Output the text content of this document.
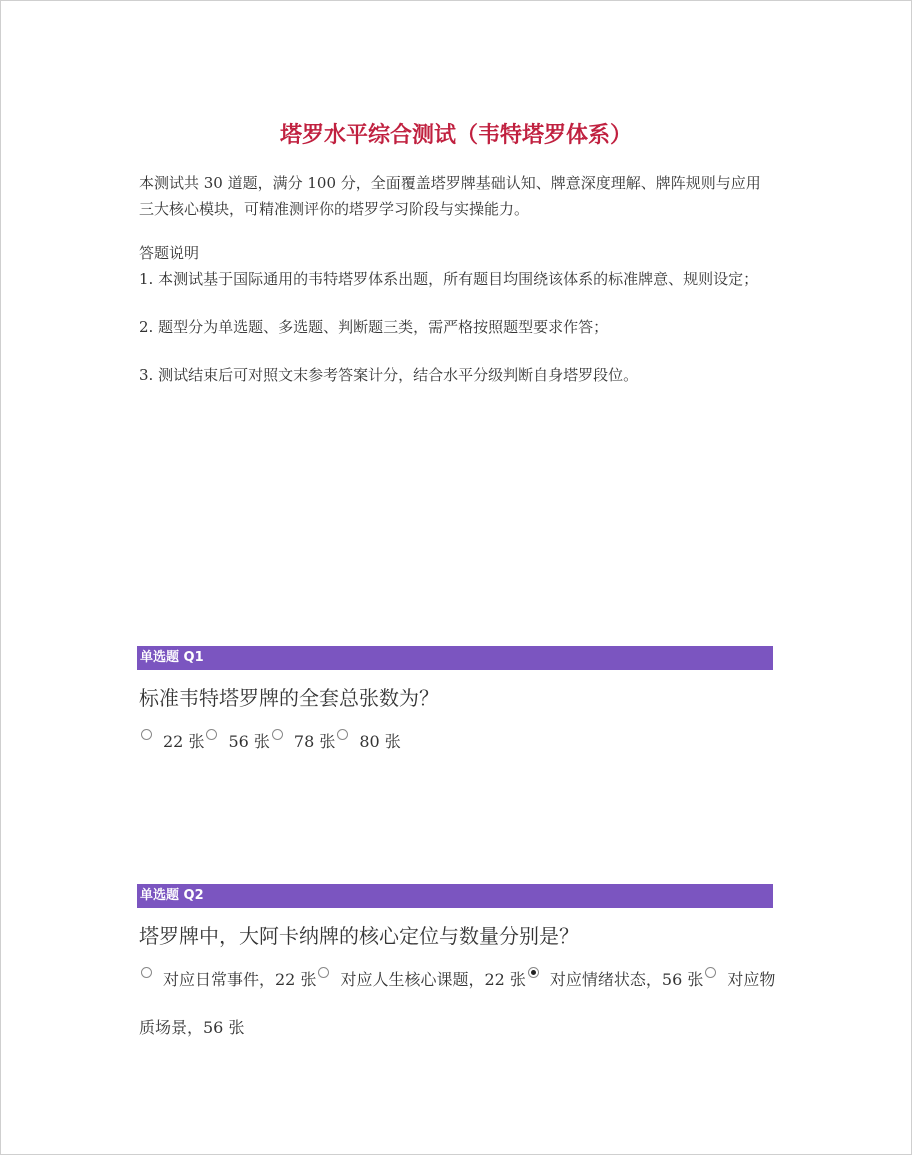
塔罗水平综合测试（韦特塔罗体系）
本测试共 30 道题，满分 100 分，全面覆盖塔罗牌基础认知、牌意深度理解、牌阵规则与应用三大核心模块，可精准测评你的塔罗学习阶段与实操能力。

答题说明

1. 本测试基于国际通用的韦特塔罗体系出题，所有题目均围绕该体系的标准牌意、规则设定；

2. 题型分为单选题、多选题、判断题三类，需严格按照题型要求作答；

3. 测试结束后可对照文末参考答案计分，结合水平分级判断自身塔罗段位。

单选题 Q1
标准韦特塔罗牌的全套总张数为？
22 张 56 张 78 张 80 张
单选题 Q2
塔罗牌中，大阿卡纳牌的核心定位与数量分别是？
对应日常事件，22 张 对应人生核心课题，22 张 对应情绪状态，56 张 对应物质场景，56 张
